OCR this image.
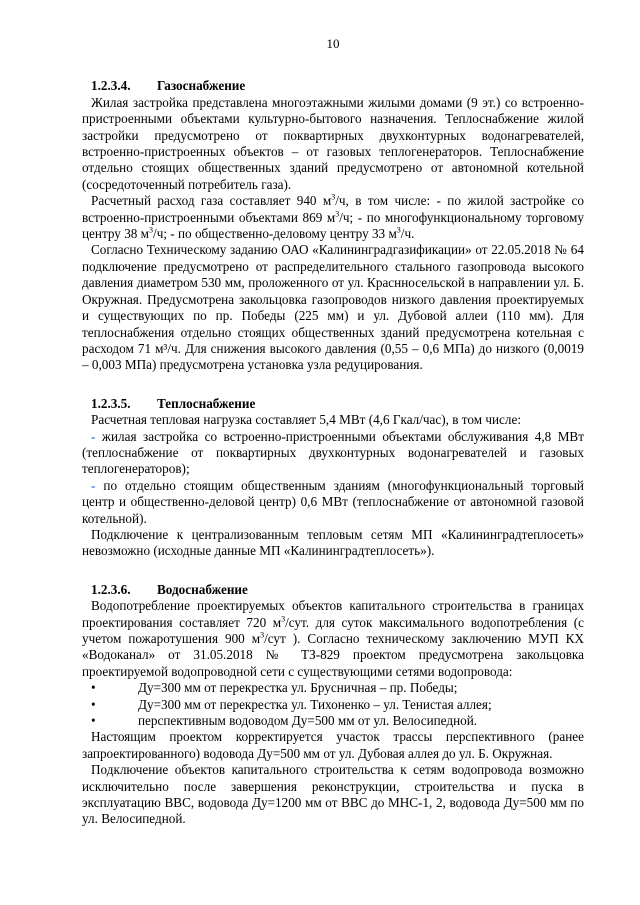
10

1.2.3.4. Газоснабжение

Жилая застройка представлена многоэтажными жилыми домами (9 эт.) со встроенно-пристроенными объектами культурно-бытового назначения. Теплоснабжение жилой застройки предусмотрено от поквартирных двухконтурных водонагревателей, встроенно-пристроенных объектов – от газовых теплогенераторов. Теплоснабжение отдельно стоящих общественных зданий предусмотрено от автономной котельной (сосредоточенный потребитель газа).

Расчетный расход газа составляет 940 $м^3/ч$, в том числе: - по жилой застройке со встроенно-пристроенными объектами 869 $м^3/ч$; - по многофункциональному торговому центру 38 $м^3/ч$; - по общественно-деловому центру 33 $м^3/ч$.

Согласно Техническому заданию ОАО «Калининградгазификации» от 22.05.2018 № 64 подключение предусмотрено от распределительного стального газопровода высокого давления диаметром 530 мм, проложенного от ул. Краснносельской в направлении ул. Б. Окружная. Предусмотрена закольцовка газопроводов низкого давления проектируемых и существующих по пр. Победы (225 мм) и ул. Дубовой аллеи (110 мм). Для теплоснабжения отдельно стоящих общественных зданий предусмотрена котельная с расходом 71 м³/ч. Для снижения высокого давления (0,55 – 0,6 МПа) до низкого (0,0019 – 0,003 МПа) предусмотрена установка узла редуцирования.

1.2.3.5. Теплоснабжение

Расчетная тепловая нагрузка составляет 5,4 МВт (4,6 Гкал/час), в том числе:

- жилая застройка со встроенно-пристроенными объектами обслуживания 4,8 МВт (теплоснабжение от поквартирных двухконтурных водонагревателей и газовых теплогенераторов);

- по отдельно стоящим общественным зданиям (многофункциональный торговый центр и общественно-деловой центр) 0,6 МВт (теплоснабжение от автономной газовой котельной).

Подключение к централизованным тепловым сетям МП «Калининградтеплосеть» невозможно (исходные данные МП «Калининградтеплосеть»).

1.2.3.6. Водоснабжение

Водопотребление проектируемых объектов капитального строительства в границах проектирования составляет 720 $м^3$/сут. для суток максимального водопотребления (с учетом пожаротушения 900 $м^3$/сут ). Согласно техническому заключению МУП КХ «Водоканал» от 31.05.2018 № ТЗ-829 проектом предусмотрена закольцовка проектируемой водопроводной сети с существующими сетями водопровода:

•	Ду=300 мм от перекрестка ул. Брусничная – пр. Победы;
•	Ду=300 мм от перекрестка ул. Тихоненко – ул. Тенистая аллея;
•	перспективным водоводом Ду=500 мм от ул. Велосипедной.

Настоящим проектом корректируется участок трассы перспективного (ранее запроектированного) водовода Ду=500 мм от ул. Дубовая аллея до ул. Б. Окружная.

Подключение объектов капитального строительства к сетям водопровода возможно исключительно после завершения реконструкции, строительства и пуска в эксплуатацию ВВС, водовода Ду=1200 мм от ВВС до МНС-1, 2, водовода Ду=500 мм по ул. Велосипедной.
